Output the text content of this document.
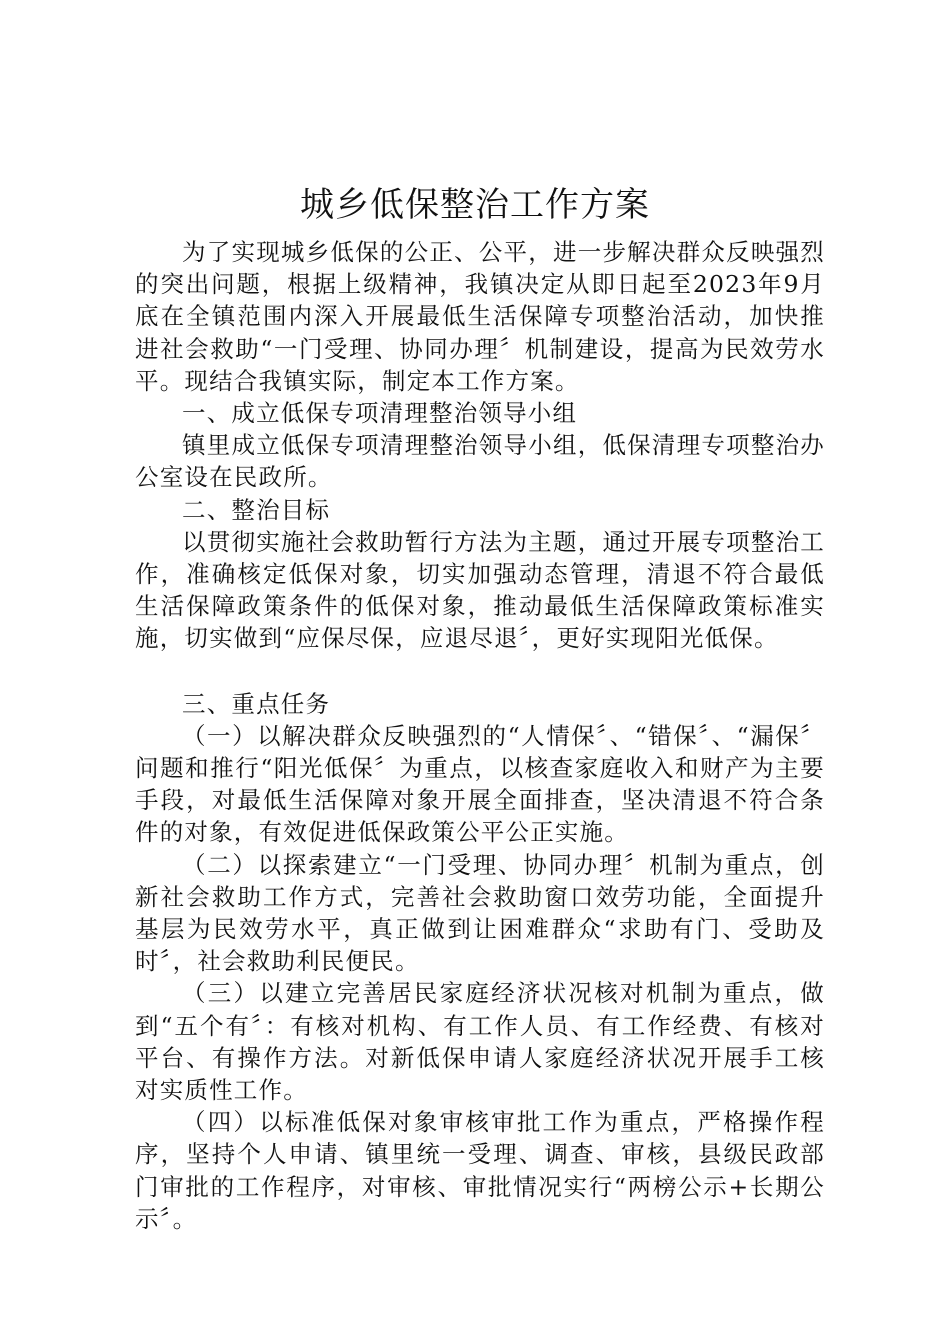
城乡低保整治工作方案

为了实现城乡低保的公正、公平，进一步解决群众反映强烈的突出问题，根据上级精神，我镇决定从即日起至2023年9月底在全镇范围内深入开展最低生活保障专项整治活动，加快推进社会救助“一门受理、协同办理〞机制建设，提高为民效劳水平。现结合我镇实际，制定本工作方案。

一、成立低保专项清理整治领导小组

镇里成立低保专项清理整治领导小组，低保清理专项整治办公室设在民政所。

二、整治目标

以贯彻实施社会救助暂行方法为主题，通过开展专项整治工作，准确核定低保对象，切实加强动态管理，清退不符合最低生活保障政策条件的低保对象，推动最低生活保障政策标准实施，切实做到“应保尽保，应退尽退〞，更好实现阳光低保。

三、重点任务

（一）以解决群众反映强烈的“人情保〞、“错保〞、“漏保〞问题和推行“阳光低保〞为重点，以核查家庭收入和财产为主要手段，对最低生活保障对象开展全面排查，坚决清退不符合条件的对象，有效促进低保政策公平公正实施。

（二）以探索建立“一门受理、协同办理〞机制为重点，创新社会救助工作方式，完善社会救助窗口效劳功能，全面提升基层为民效劳水平，真正做到让困难群众“求助有门、受助及时〞，社会救助利民便民。

（三）以建立完善居民家庭经济状况核对机制为重点，做到“五个有〞：有核对机构、有工作人员、有工作经费、有核对平台、有操作方法。对新低保申请人家庭经济状况开展手工核对实质性工作。

（四）以标准低保对象审核审批工作为重点，严格操作程序，坚持个人申请、镇里统一受理、调查、审核，县级民政部门审批的工作程序，对审核、审批情况实行“两榜公示+长期公示〞。
